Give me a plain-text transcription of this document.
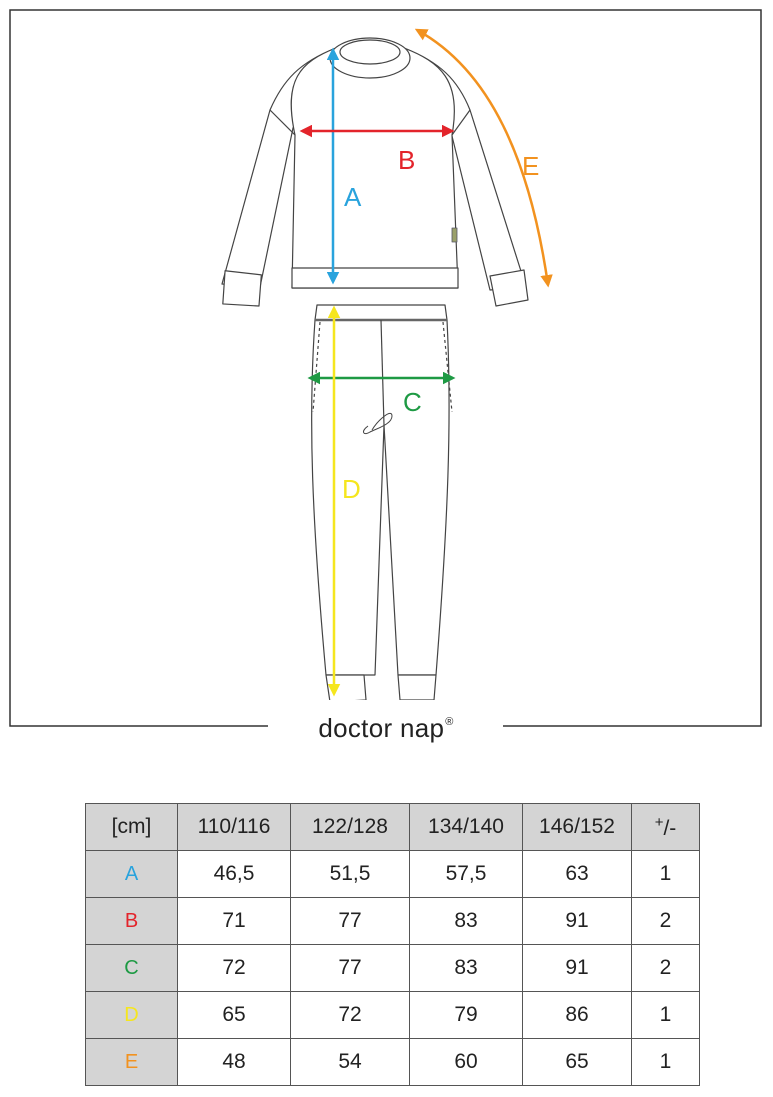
A
B
C
D
E
doctor nap®
[cm]	110/116	122/128	134/140	146/152	+/-
A	46,5	51,5	57,5	63	1
B	71	77	83	91	2
C	72	77	83	91	2
D	65	72	79	86	1
E	48	54	60	65	1
